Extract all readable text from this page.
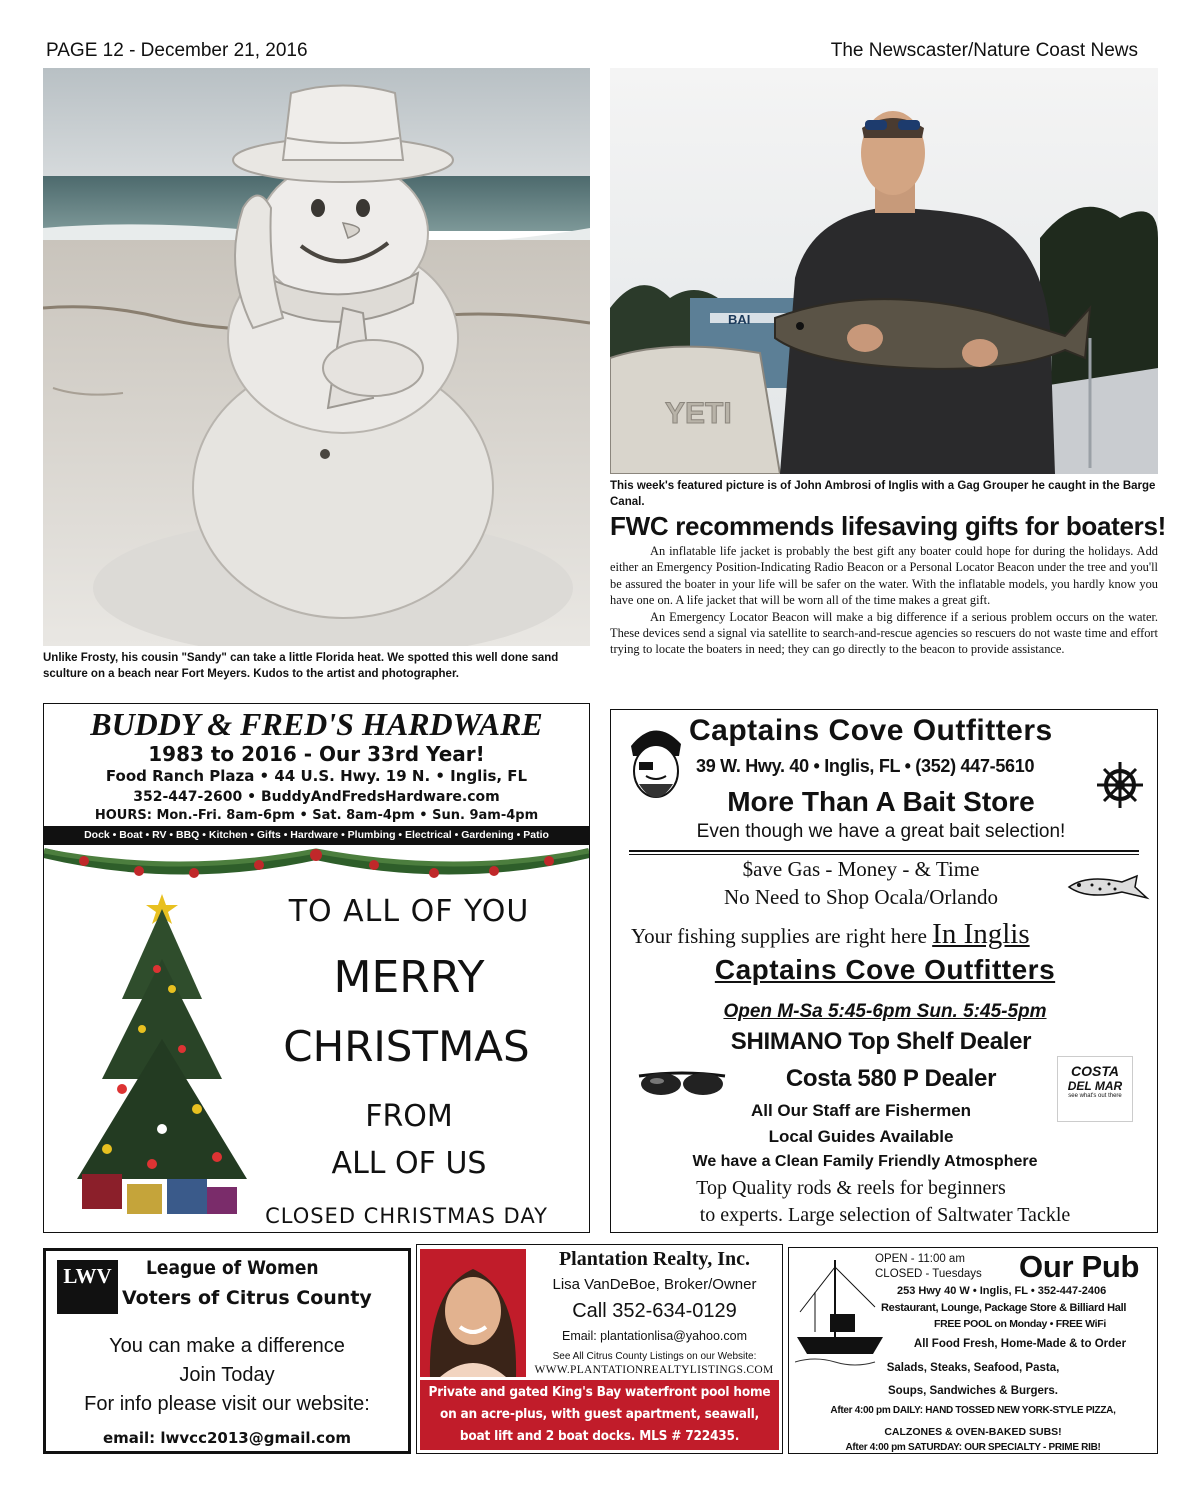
PAGE 12 - December 21, 2016	The Newscaster/Nature Coast News
Unlike Frosty, his cousin "Sandy" can take a little Florida heat. We spotted this well done sand sculture on a beach near Fort Meyers. Kudos to the artist and photographer.
BAI
YETI
This week's featured picture is of John Ambrosi of Inglis with a Gag Grouper he caught in the Barge Canal.
FWC recommends lifesaving gifts for boaters!

An inflatable life jacket is probably the best gift any boater could hope for during the holidays. Add either an Emergency Position-Indicating Radio Beacon or a Personal Locator Beacon under the tree and you'll be assured the boater in your life will be safer on the water. With the inflatable models, you hardly know you have one on. A life jacket that will be worn all of the time makes a great gift.

An Emergency Locator Beacon will make a big difference if a serious problem occurs on the water. These devices send a signal via satellite to search-and-rescue agencies so rescuers do not waste time and effort trying to locate the boaters in need; they can go directly to the beacon to provide assistance.

BUDDY & FRED'S HARDWARE
1983 to 2016 - Our 33rd Year!
Food Ranch Plaza • 44 U.S. Hwy. 19 N. • Inglis, FL
352-447-2600 • BuddyAndFredsHardware.com
HOURS: Mon.-Fri. 8am-6pm • Sat. 8am-4pm • Sun. 9am-4pm
Dock • Boat • RV • BBQ • Kitchen • Gifts • Hardware • Plumbing • Electrical • Gardening • Patio
TO ALL OF YOU
MERRY
CHRISTMAS
FROM
ALL OF US
CLOSED CHRISTMAS DAY
Captains Cove Outfitters
39 W. Hwy. 40 • Inglis, FL • (352) 447-5610
More Than A Bait Store
Even though we have a great bait selection!
$ave Gas - Money - & Time
No Need to Shop Ocala/Orlando
Your fishing supplies are right here In Inglis
Captains Cove Outfitters
Open M-Sa 5:45-6pm Sun. 5:45-5pm
SHIMANO Top Shelf Dealer
Costa 580 P Dealer	COSTA
DEL MAR
see what's out there
All Our Staff are Fishermen
Local Guides Available
We have a Clean Family Friendly Atmosphere
Top Quality rods & reels for beginners
to experts. Large selection of Saltwater Tackle
LWV	League of Women
Voters of Citrus County
You can make a difference
Join Today
For info please visit our website:
email: lwvcc2013@gmail.com
Plantation Realty, Inc.
Lisa VanDeBoe, Broker/Owner
Call 352-634-0129
Email: plantationlisa@yahoo.com
See All Citrus County Listings on our Website:
WWW.PLANTATIONREALTYLISTINGS.COM
Private and gated King's Bay waterfront pool home on an acre-plus, with guest apartment, seawall, boat lift and 2 boat docks. MLS # 722435.
OPEN - 11:00 am
CLOSED - Tuesdays	Our Pub
253 Hwy 40 W • Inglis, FL • 352-447-2406
Restaurant, Lounge, Package Store & Billiard Hall
FREE POOL on Monday • FREE WiFi
All Food Fresh, Home-Made & to Order
Salads, Steaks, Seafood, Pasta,
Soups, Sandwiches & Burgers.
After 4:00 pm DAILY: HAND TOSSED NEW YORK-STYLE PIZZA,
CALZONES & OVEN-BAKED SUBS!
After 4:00 pm SATURDAY: OUR SPECIALTY - PRIME RIB!
